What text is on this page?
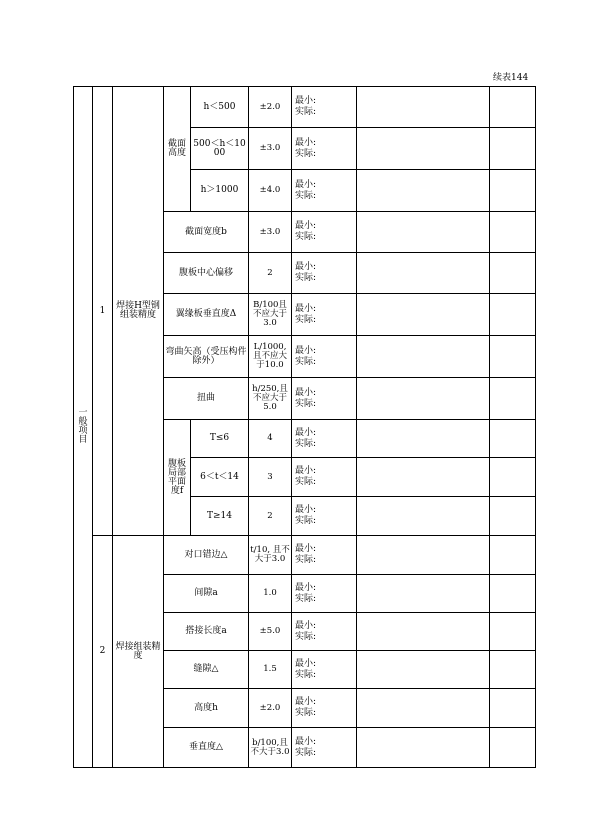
续表144
一
般
项
目	1	焊接H型钢组装精度	截面高度	h＜500	±2.0	最小:
实际:		

				500＜h＜1000	±3.0	最小:
实际:		

				h＞1000	±4.0	最小:
实际:		

			截面宽度b		±3.0	最小:
实际:		

			腹板中心偏移		2	最小:
实际:		

			翼缘板垂直度Δ		B/100且不应大于3.0	最小:
实际:		

			弯曲矢高（受压构件除外）		L/1000,且不应大于10.0	最小:
实际:		

			扭曲		h/250,且不应大于5.0	最小:
实际:		

			腹板局部平面度f	T≤6	4	最小:
实际:		

				6＜t＜14	3	最小:
实际:		

				T≥14	2	最小:
实际:		

	2	焊接组装精度	对口错边△		t/10, 且不大于3.0	最小:
实际:		

			间隙a		1.0	最小:
实际:		

			搭接长度a		±5.0	最小:
实际:		

			缝隙△		1.5	最小:
实际:		

			高度h		±2.0	最小:
实际:		

			垂直度△		b/100,且不大于3.0	最小:
实际:		
